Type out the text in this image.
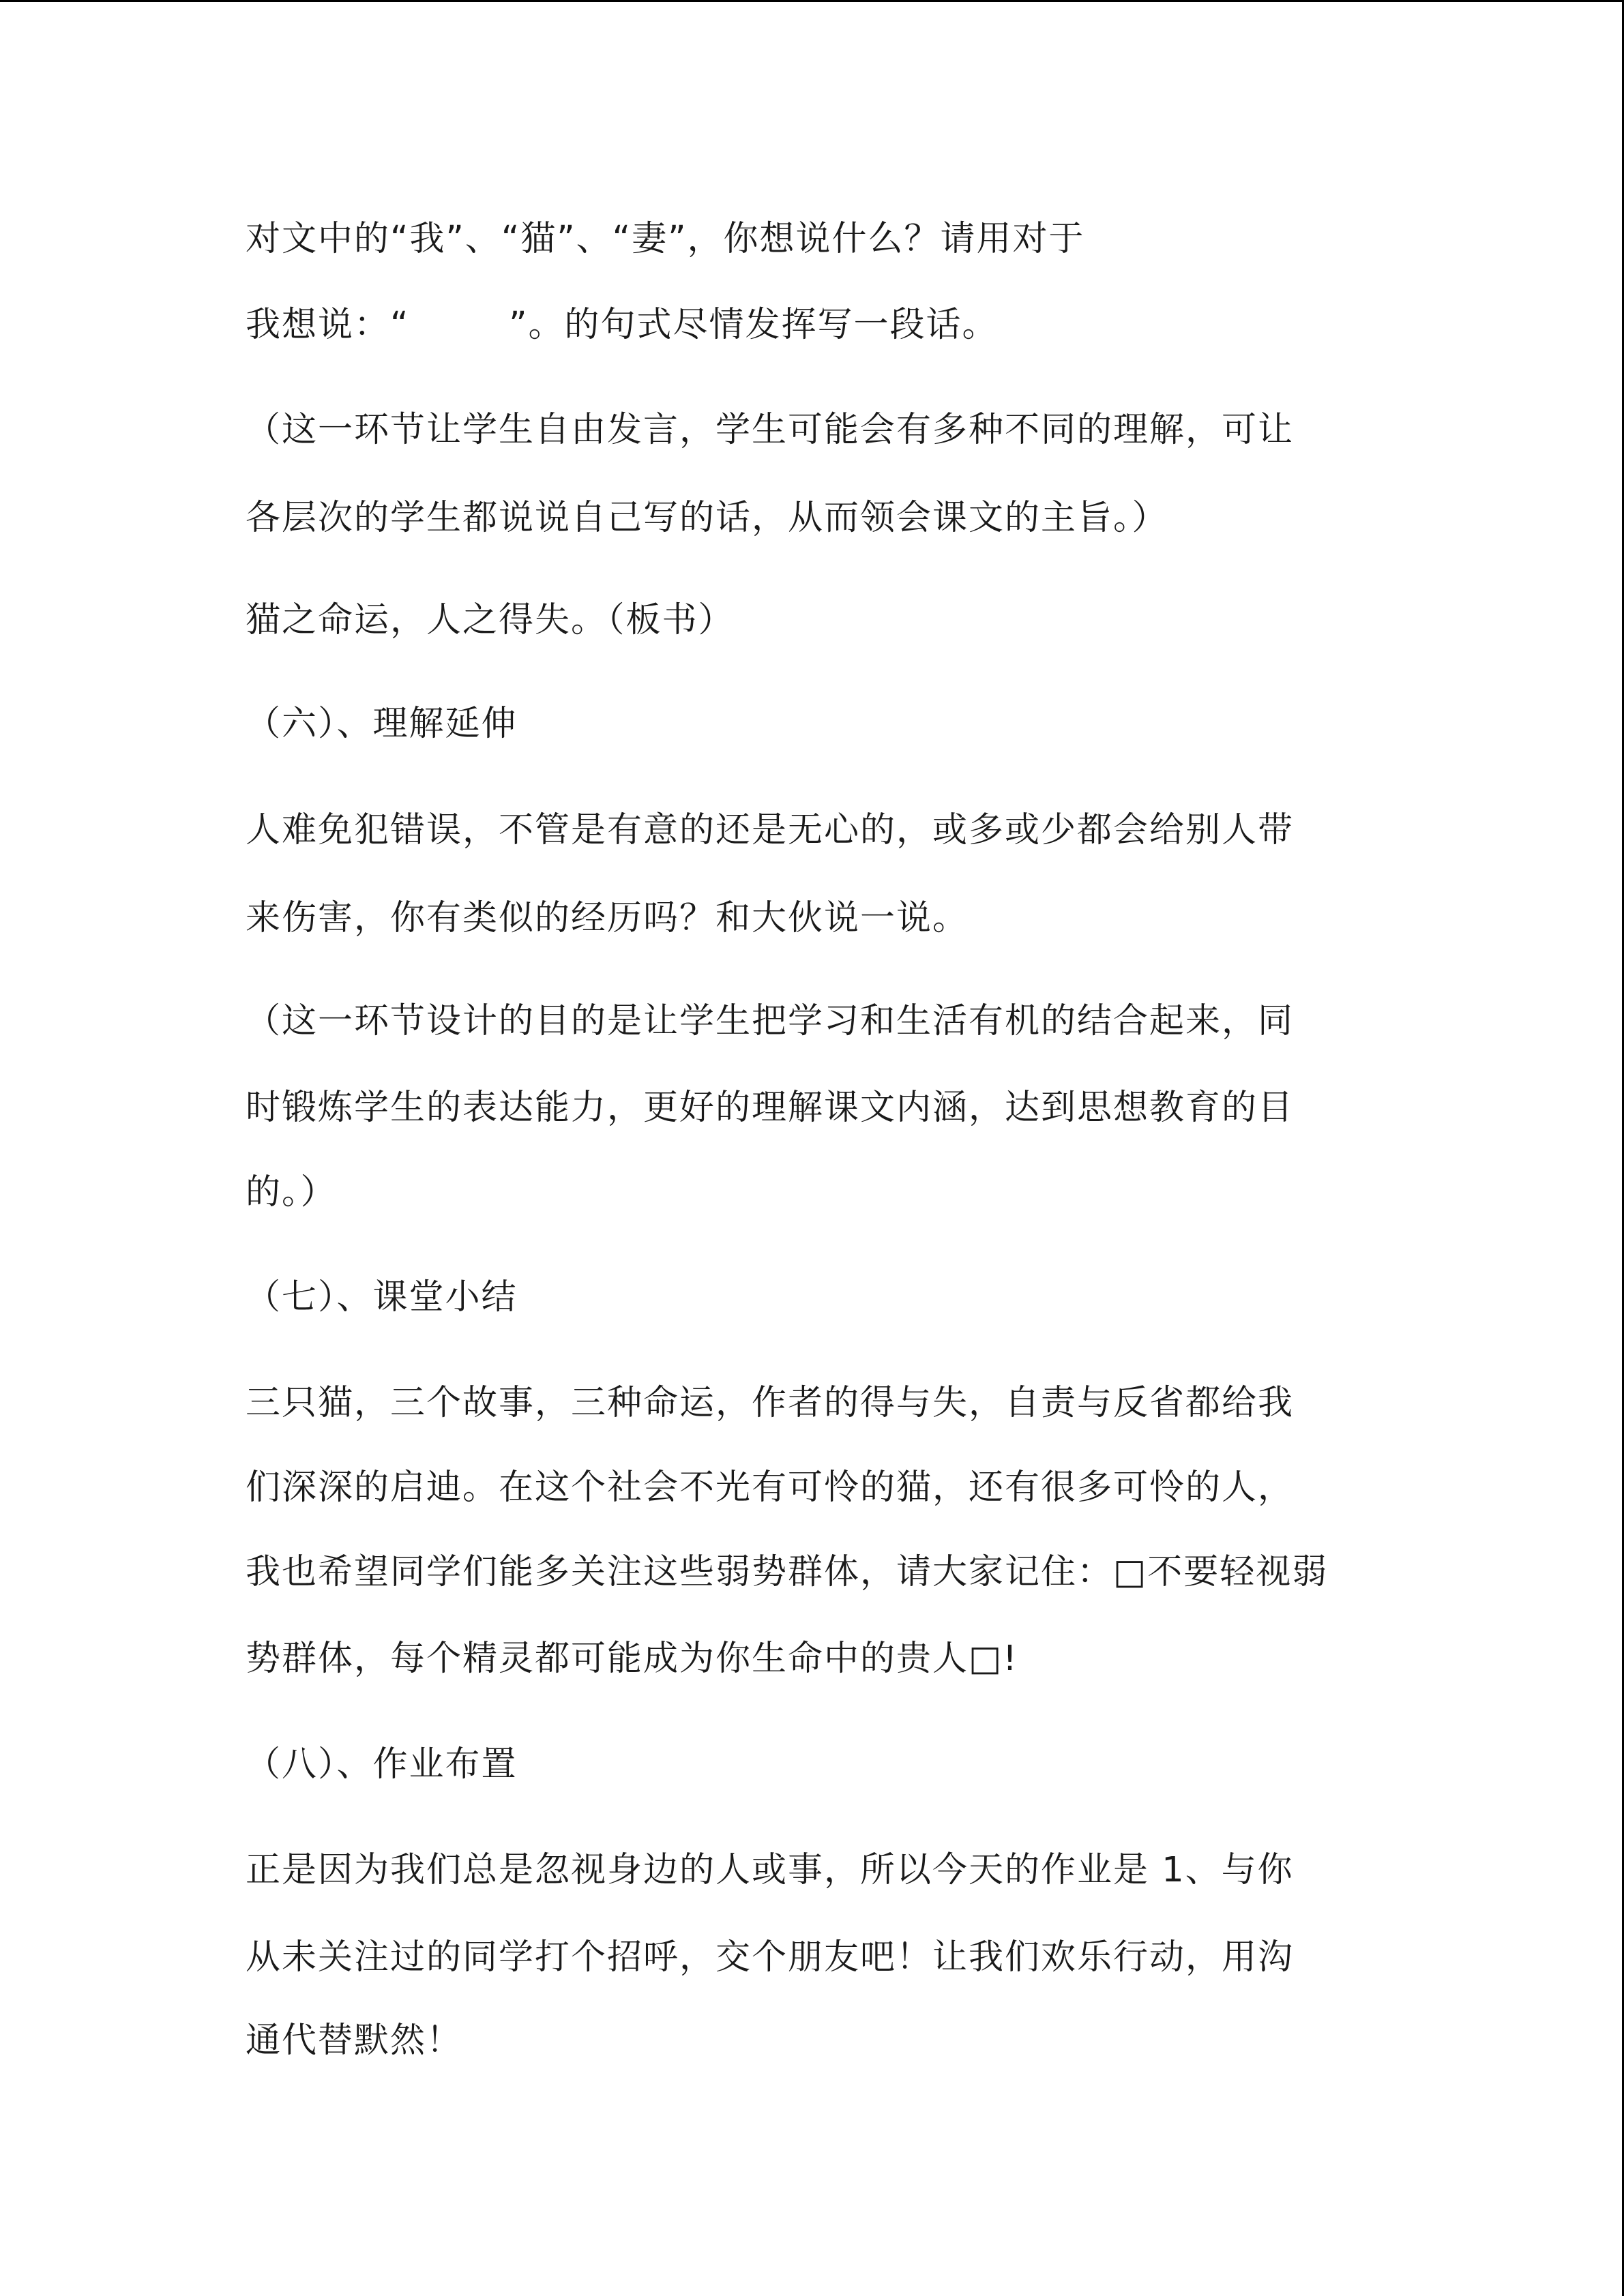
对文中的“我”、“猫”、“妻”，你想说什么？请用对于

我想说：“        ”。的句式尽情发挥写一段话。

（这一环节让学生自由发言，学生可能会有多种不同的理解，可让

各层次的学生都说说自己写的话，从而领会课文的主旨。）

猫之命运，人之得失。（板书）

（六）、理解延伸

人难免犯错误，不管是有意的还是无心的，或多或少都会给别人带

来伤害，你有类似的经历吗？和大伙说一说。

（这一环节设计的目的是让学生把学习和生活有机的结合起来，同

时锻炼学生的表达能力，更好的理解课文内涵，达到思想教育的目

的。）

（七）、课堂小结

三只猫，三个故事，三种命运，作者的得与失，自责与反省都给我

们深深的启迪。在这个社会不光有可怜的猫，还有很多可怜的人，

我也希望同学们能多关注这些弱势群体，请大家记住：□不要轻视弱

势群体，每个精灵都可能成为你生命中的贵人□!

（八）、作业布置

正是因为我们总是忽视身边的人或事，所以今天的作业是 1、与你

从未关注过的同学打个招呼，交个朋友吧！让我们欢乐行动，用沟

通代替默然！
